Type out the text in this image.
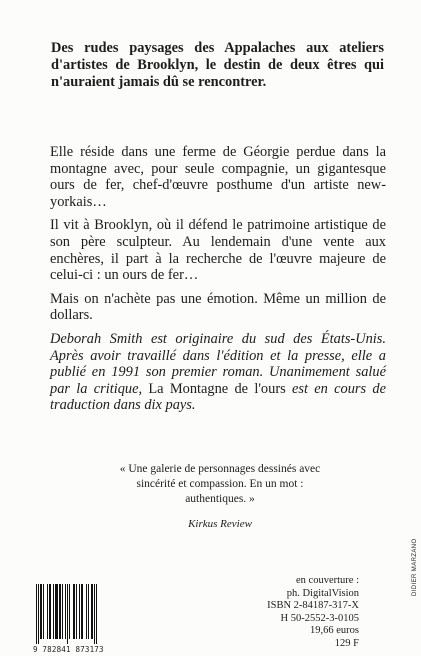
Des rudes paysages des Appalaches aux ateliers d'artistes de Brooklyn, le destin de deux êtres qui n'auraient jamais dû se rencontrer.

Elle réside dans une ferme de Géorgie perdue dans la montagne avec, pour seule compagnie, un gigantesque ours de fer, chef-d'œuvre posthume d'un artiste new-yorkais…

Il vit à Brooklyn, où il défend le patrimoine artistique de son père sculpteur. Au lendemain d'une vente aux enchères, il part à la recherche de l'œuvre majeure de celui-ci : un ours de fer…

Mais on n'achète pas une émotion. Même un million de dollars.

Deborah Smith est originaire du sud des États-Unis. Après avoir travaillé dans l'édition et la presse, elle a publié en 1991 son premier roman. Unanimement salué par la critique, La Montagne de l'ours est en cours de traduction dans dix pays.

« Une galerie de personnages dessinés avec sincérité et compassion. En un mot : authentiques. »
Kirkus Review
9 782841 873173
en couverture :
ph. DigitalVision
ISBN 2-84187-317-X
H 50-2552-3-0105
19,66 euros
129 F
DIDIER MARZANO
